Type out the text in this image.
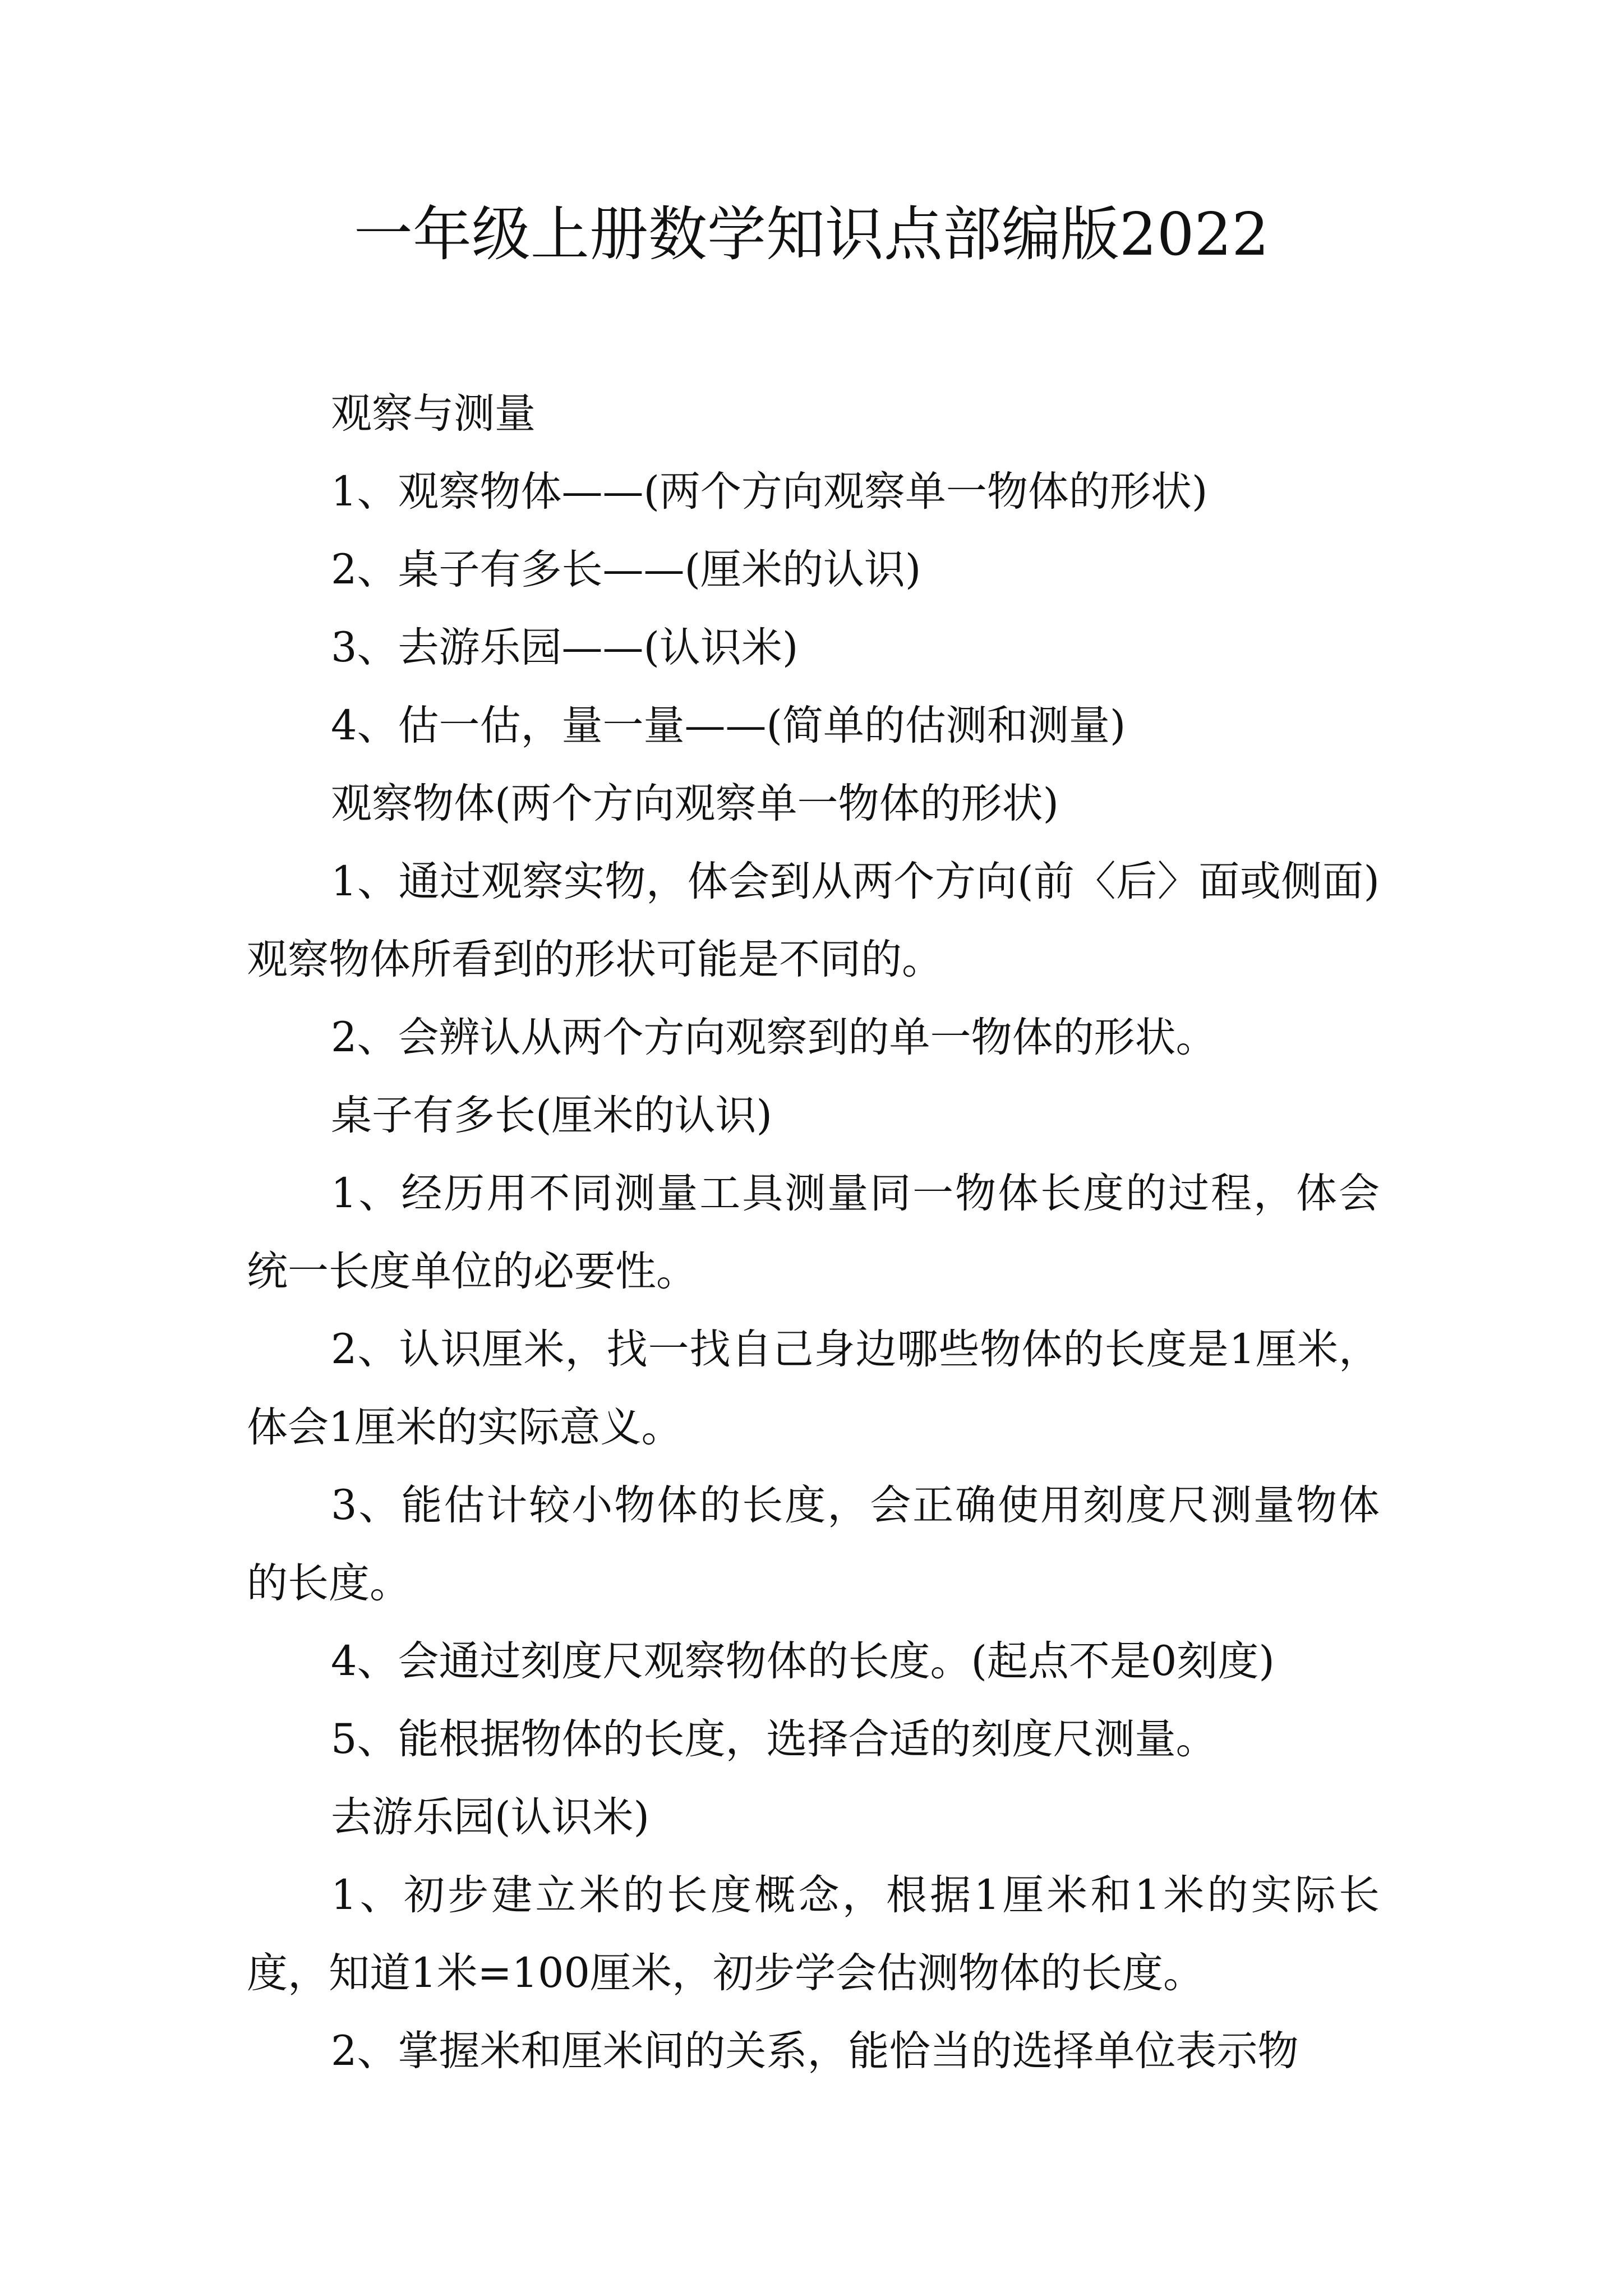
一年级上册数学知识点部编版2022

观察与测量

1、观察物体——(两个方向观察单一物体的形状)

2、桌子有多长——(厘米的认识)

3、去游乐园——(认识米)

4、估一估，量一量——(简单的估测和测量)

观察物体(两个方向观察单一物体的形状)

1、通过观察实物，体会到从两个方向(前〈后〉面或侧面)观察物体所看到的形状可能是不同的。

2、会辨认从两个方向观察到的单一物体的形状。

桌子有多长(厘米的认识)

1、经历用不同测量工具测量同一物体长度的过程，体会统一长度单位的必要性。

2、认识厘米，找一找自己身边哪些物体的长度是1厘米，体会1厘米的实际意义。

3、能估计较小物体的长度，会正确使用刻度尺测量物体的长度。

4、会通过刻度尺观察物体的长度。(起点不是0刻度)

5、能根据物体的长度，选择合适的刻度尺测量。

去游乐园(认识米)

1、初步建立米的长度概念，根据1厘米和1米的实际长度，知道1米=100厘米，初步学会估测物体的长度。

2、掌握米和厘米间的关系，能恰当的选择单位表示物
